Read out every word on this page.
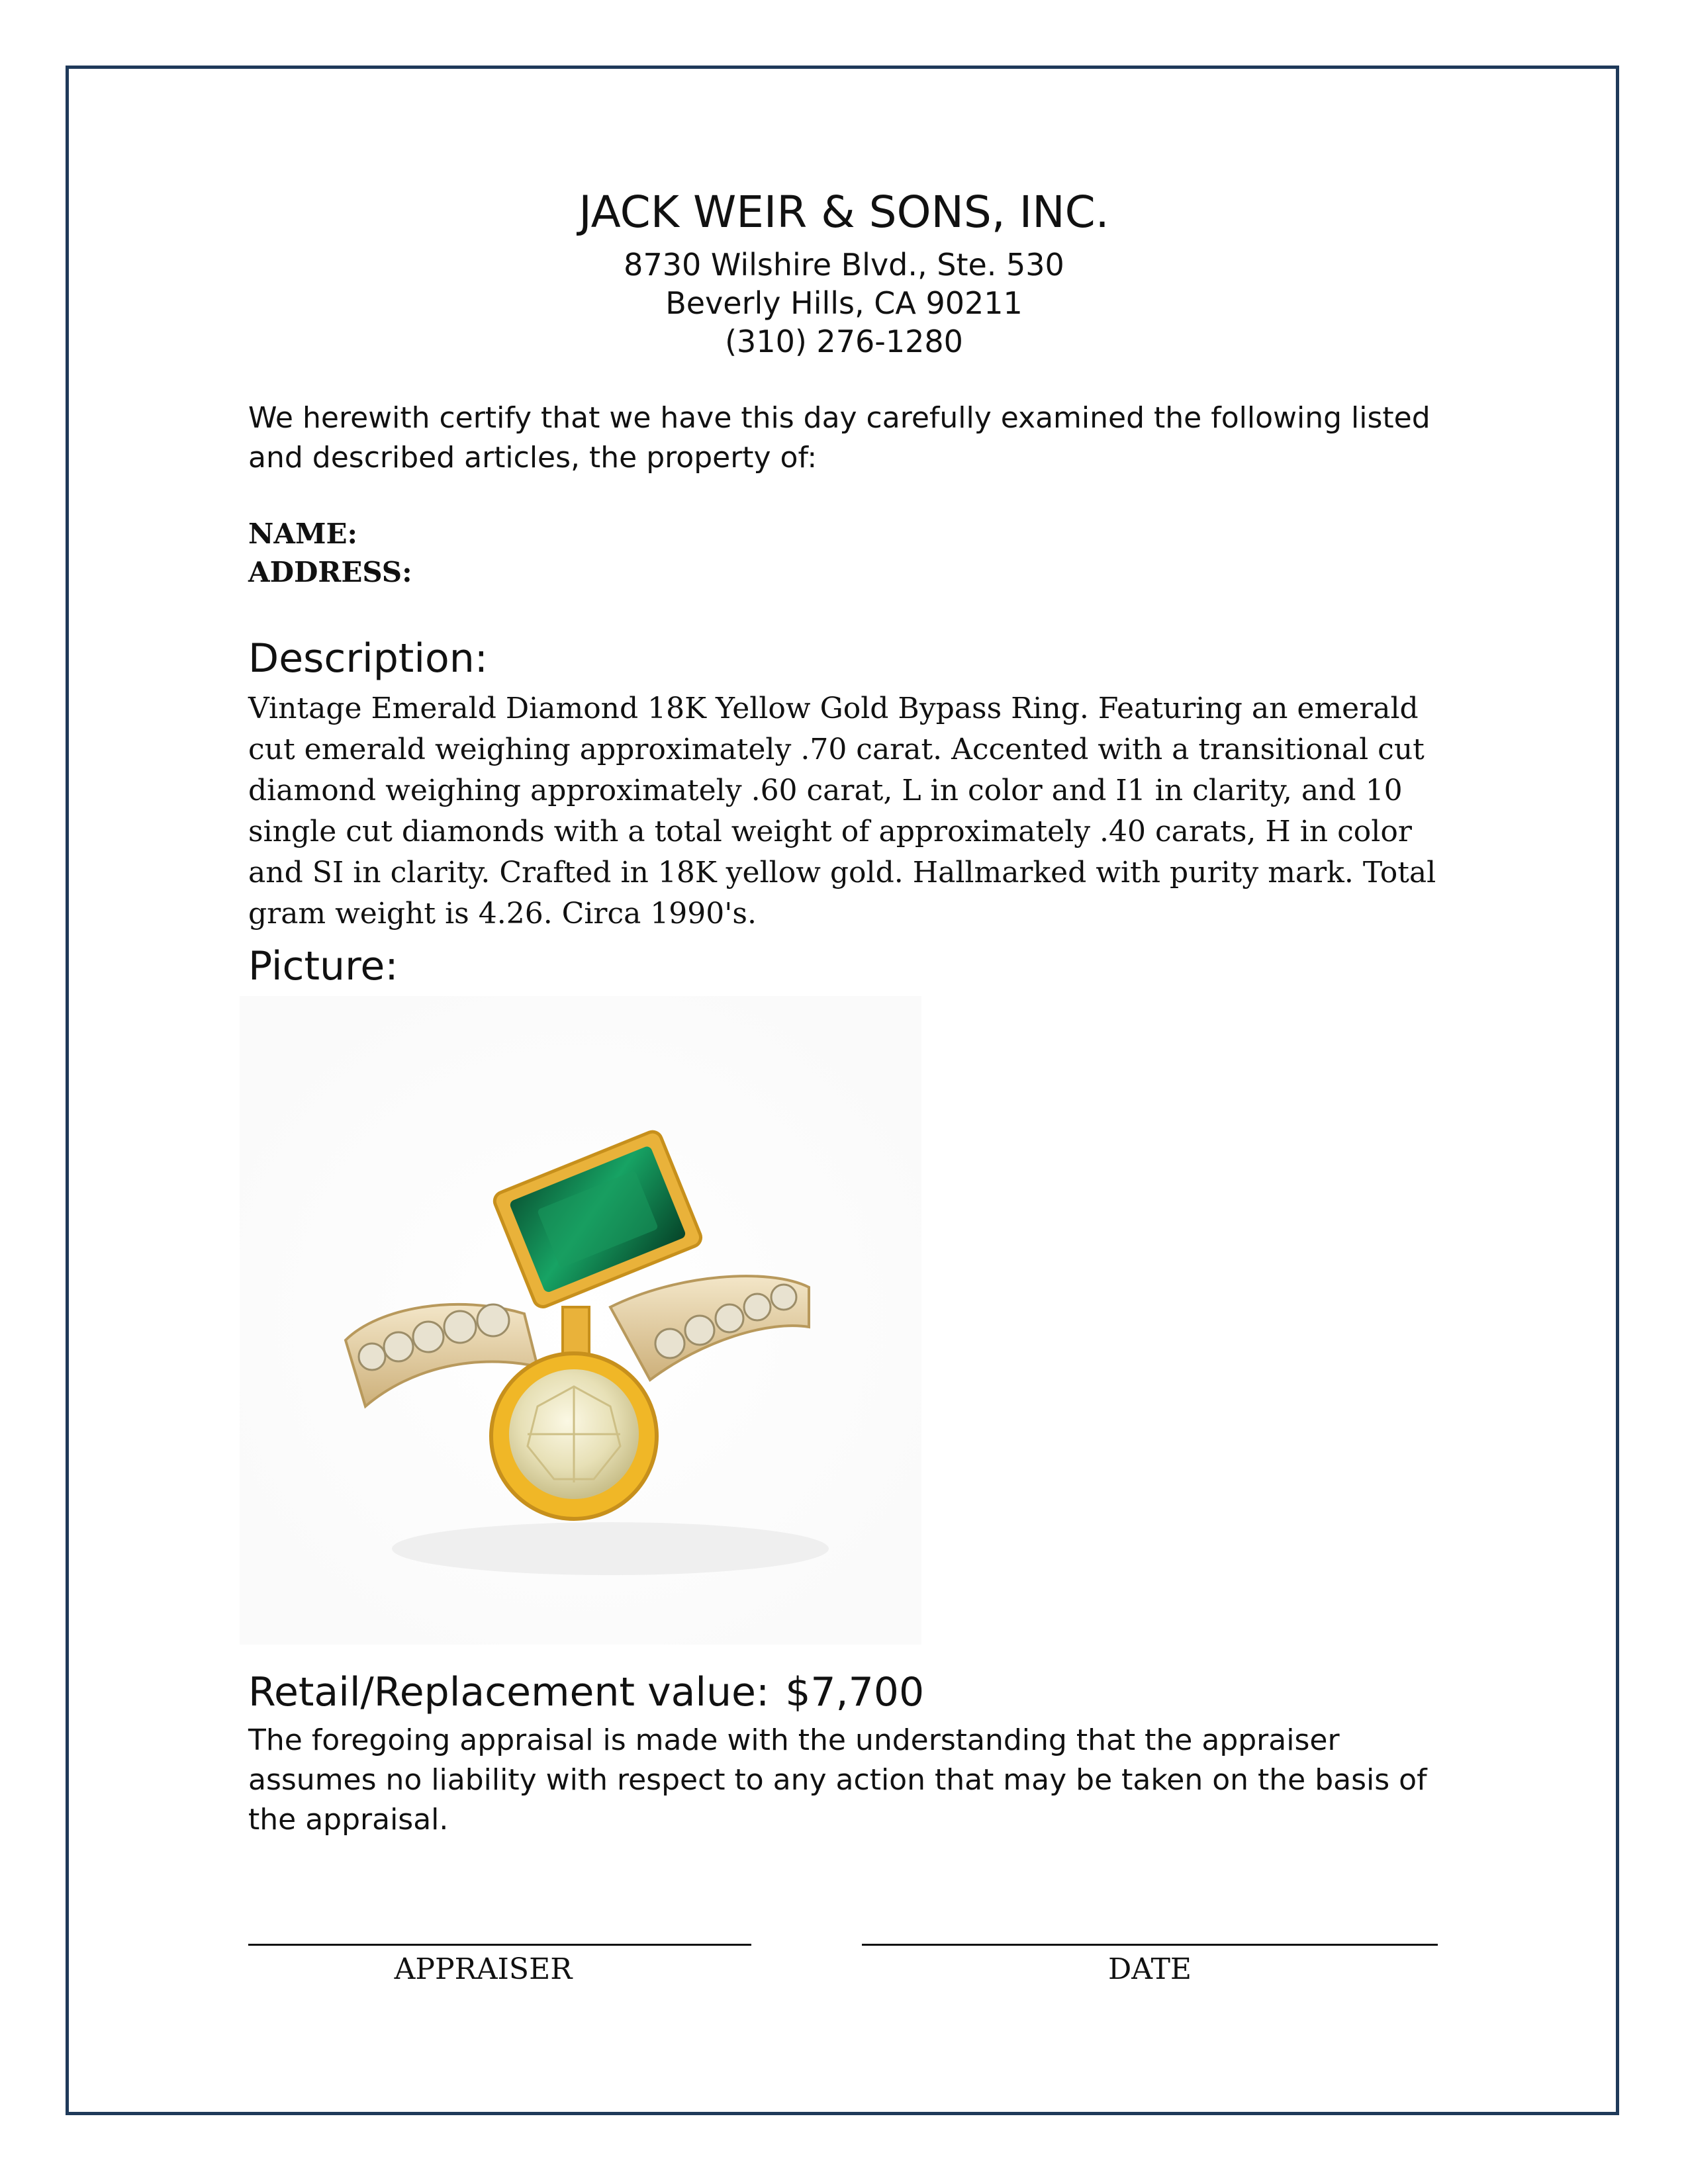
JACK WEIR & SONS, INC.
8730 Wilshire Blvd., Ste. 530
Beverly Hills, CA 90211
(310) 276-1280
We herewith certify that we have this day carefully examined the following listed and described articles, the property of:
NAME:
ADDRESS:
Description:
Vintage Emerald Diamond 18K Yellow Gold Bypass Ring. Featuring an emerald cut emerald weighing approximately .70 carat. Accented with a transitional cut diamond weighing approximately .60 carat, L in color and I1 in clarity, and 10 single cut diamonds with a total weight of approximately .40 carats, H in color and SI in clarity. Crafted in 18K yellow gold. Hallmarked with purity mark. Total gram weight is 4.26. Circa 1990's.
Picture:
Retail/Replacement value: $7,700
The foregoing appraisal is made with the understanding that the appraiser assumes no liability with respect to any action that may be taken on the basis of the appraisal.
APPRAISER	DATE
